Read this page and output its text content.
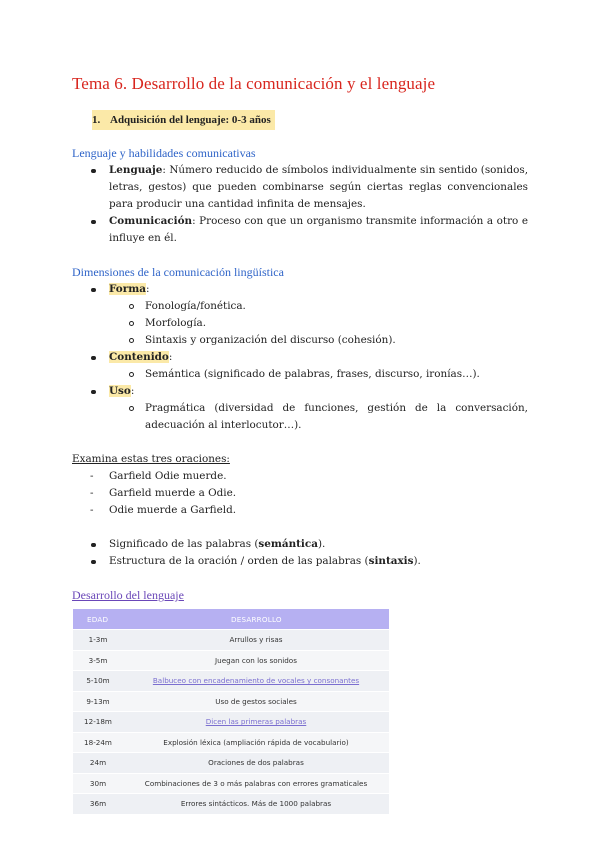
Tema 6. Desarrollo de la comunicación y el lenguaje
1. Adquisición del lenguaje: 0-3 años
Lenguaje y habilidades comunicativas
Lenguaje: Número reducido de símbolos individualmente sin sentido (sonidos, letras, gestos) que pueden combinarse según ciertas reglas convencionales para producir una cantidad infinita de mensajes.
Comunicación: Proceso con que un organismo transmite información a otro e influye en él.
Dimensiones de la comunicación lingüística
Forma:
Fonología/fonética.
Morfología.
Sintaxis y organización del discurso (cohesión).
Contenido:
Semántica (significado de palabras, frases, discurso, ironías…).
Uso:
Pragmática (diversidad de funciones, gestión de la conversación, adecuación al interlocutor…).
Examina estas tres oraciones:
- Garfield Odie muerde.
- Garfield muerde a Odie.
- Odie muerde a Garfield.
Significado de las palabras (semántica).
Estructura de la oración / orden de las palabras (sintaxis).
Desarrollo del lenguaje
EDAD	DESARROLLO
1-3m	Arrullos y risas
3-5m	Juegan con los sonidos
5-10m	Balbuceo con encadenamiento de vocales y consonantes
9-13m	Uso de gestos sociales
12-18m	Dicen las primeras palabras
18-24m	Explosión léxica (ampliación rápida de vocabulario)
24m	Oraciones de dos palabras
30m	Combinaciones de 3 o más palabras con errores gramaticales
36m	Errores sintácticos. Más de 1000 palabras
